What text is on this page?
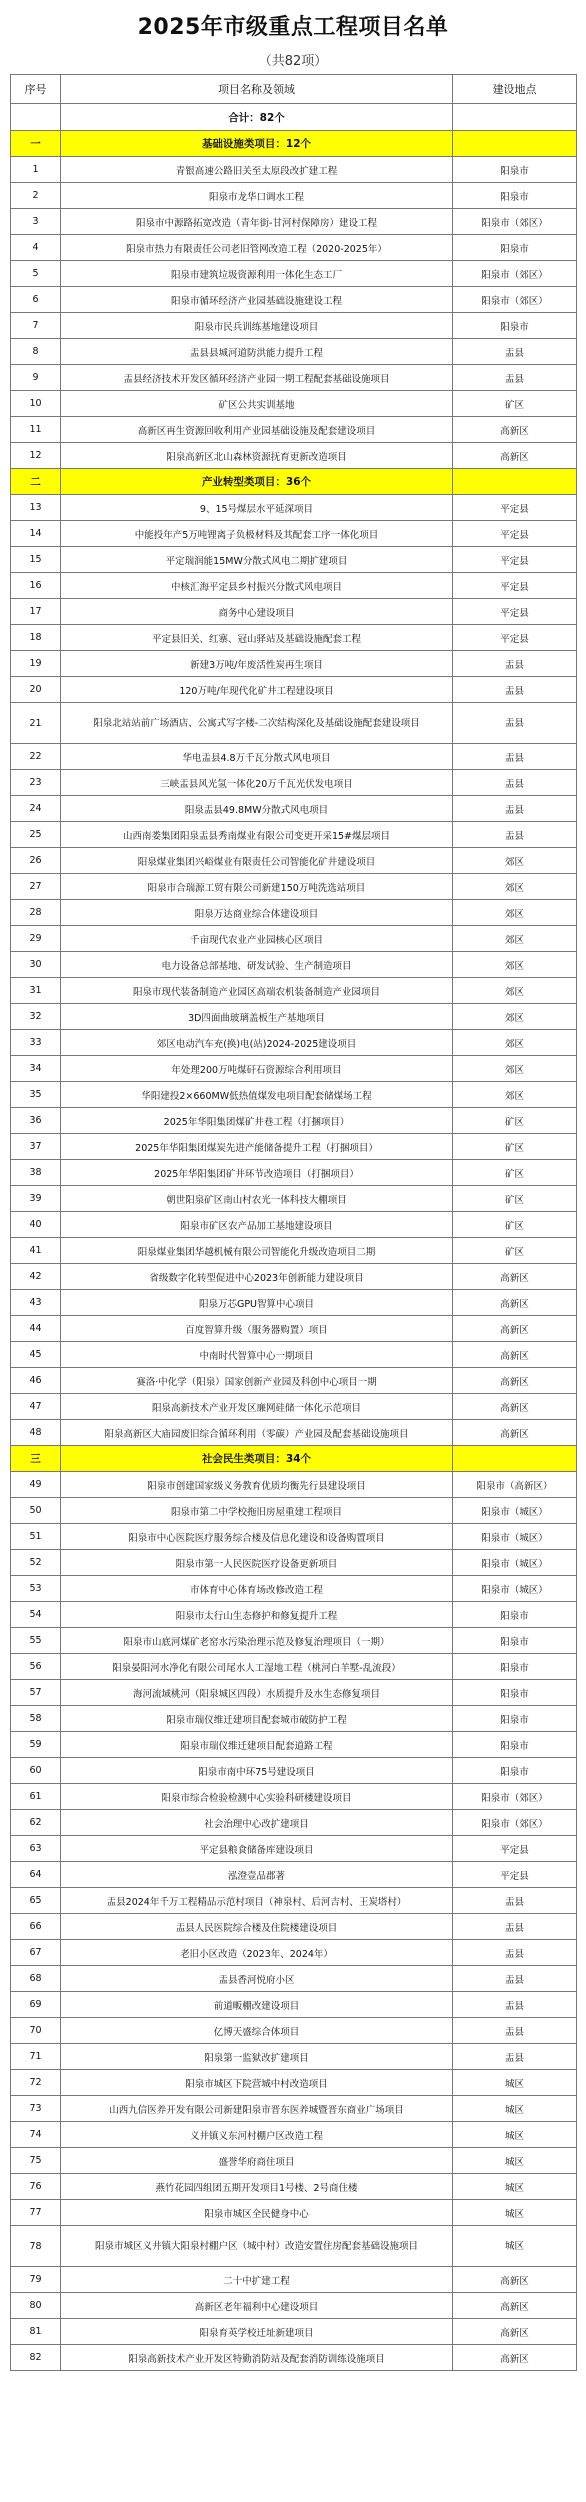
2025年市级重点工程项目名单
（共82项）
序号	项目名称及领域	建设地点
	合计：82个	
一	基础设施类项目：12个	
1	青银高速公路旧关至太原段改扩建工程	阳泉市
2	阳泉市龙华口调水工程	阳泉市
3	阳泉市中源路拓宽改造（青年街-甘河村保障房）建设工程	阳泉市（郊区）
4	阳泉市热力有限责任公司老旧管网改造工程（2020-2025年）	阳泉市
5	阳泉市建筑垃圾资源利用一体化生态工厂	阳泉市（郊区）
6	阳泉市循环经济产业园基础设施建设工程	阳泉市（郊区）
7	阳泉市民兵训练基地建设项目	阳泉市
8	盂县县城河道防洪能力提升工程	盂县
9	盂县经济技术开发区循环经济产业园一期工程配套基础设施项目	盂县
10	矿区公共实训基地	矿区
11	高新区再生资源回收利用产业园基础设施及配套建设项目	高新区
12	阳泉高新区北山森林资源抚育更新改造项目	高新区
二	产业转型类项目：36个	
13	9、15号煤层水平延深项目	平定县
14	中能投年产5万吨锂离子负极材料及其配套工序一体化项目	平定县
15	平定瑞润能15MW分散式风电二期扩建项目	平定县
16	中核汇海平定县乡村振兴分散式风电项目	平定县
17	商务中心建设项目	平定县
18	平定县旧关、红寨、冠山驿站及基础设施配套工程	平定县
19	新建3万吨/年废活性炭再生项目	盂县
20	120万吨/年现代化矿井工程建设项目	盂县
21	阳泉北站站前广场酒店、公寓式写字楼-二次结构深化及基础设施配套建设项目	盂县
22	华电盂县4.8万千瓦分散式风电项目	盂县
23	三峡盂县风光氢一体化20万千瓦光伏发电项目	盂县
24	阳泉盂县49.8MW分散式风电项目	盂县
25	山西南娄集团阳泉盂县秀南煤业有限公司变更开采15#煤层项目	盂县
26	阳泉煤业集团兴峪煤业有限责任公司智能化矿井建设项目	郊区
27	阳泉市合瑞源工贸有限公司新建150万吨洗选站项目	郊区
28	阳泉万达商业综合体建设项目	郊区
29	千亩现代农业产业园核心区项目	郊区
30	电力设备总部基地、研发试验、生产制造项目	郊区
31	阳泉市现代装备制造产业园区高端农机装备制造产业园项目	郊区
32	3D四面曲玻璃盖板生产基地项目	郊区
33	郊区电动汽车充(换)电(站)2024-2025建设项目	郊区
34	年处理200万吨煤矸石资源综合利用项目	郊区
35	华阳建投2×660MW低热值煤发电项目配套储煤场工程	郊区
36	2025年华阳集团煤矿井巷工程（打捆项目）	矿区
37	2025年华阳集团煤炭先进产能储备提升工程（打捆项目）	矿区
38	2025年华阳集团矿井环节改造项目（打捆项目）	矿区
39	朝世阳泉矿区南山村农光一体科技大棚项目	矿区
40	阳泉市矿区农产品加工基地建设项目	矿区
41	阳泉煤业集团华越机械有限公司智能化升级改造项目二期	矿区
42	省级数字化转型促进中心2023年创新能力建设项目	高新区
43	阳泉万芯GPU智算中心项目	高新区
44	百度智算升级（服务器购置）项目	高新区
45	中南时代智算中心一期项目	高新区
46	赛洛·中化学（阳泉）国家创新产业园及科创中心项目一期	高新区
47	阳泉高新技术产业开发区廉网硅储一体化示范项目	高新区
48	阳泉高新区大庙园废旧综合循环利用（零碳）产业园及配套基础设施项目	高新区
三	社会民生类项目：34个	
49	阳泉市创建国家级义务教育优质均衡先行县建设项目	阳泉市（高新区）
50	阳泉市第二中学校拖旧房屋重建工程项目	阳泉市（城区）
51	阳泉市中心医院医疗服务综合楼及信息化建设和设备购置项目	阳泉市（城区）
52	阳泉市第一人民医院医疗设备更新项目	阳泉市（城区）
53	市体育中心体育场改修改造工程	阳泉市（城区）
54	阳泉市太行山生态修护和修复提升工程	阳泉市
55	阳泉市山底河煤矿老窑水污染治理示范及修复治理项目（一期）	阳泉市
56	阳泉晏阳河水净化有限公司尾水人工湿地工程（桃河白羊墅-乱流段）	阳泉市
57	海河流域桃河（阳泉城区四段）水质提升及水生态修复项目	阳泉市
58	阳泉市瑞仪维迁建项目配套城市破防护工程	阳泉市
59	阳泉市瑞仪维迁建项目配套道路工程	阳泉市
60	阳泉市南中环75号建设项目	阳泉市
61	阳泉市综合检验检测中心实验科研楼建设项目	阳泉市（郊区）
62	社会治理中心改扩建项目	阳泉市（郊区）
63	平定县粮食储备库建设项目	平定县
64	泓澄壹品郡著	平定县
65	盂县2024年千万工程精品示范村项目（神泉村、后河吉村、王炭塔村）	盂县
66	盂县人民医院综合楼及住院楼建设项目	盂县
67	老旧小区改造（2023年、2024年）	盂县
68	盂县香河悦府小区	盂县
69	前道畈棚改建设项目	盂县
70	亿博天盛综合体项目	盂县
71	阳泉第一监狱改扩建项目	盂县
72	阳泉市城区下院营城中村改造项目	城区
73	山西九信医养开发有限公司新建阳泉市晋东医养城暨晋东商业广场项目	城区
74	义井镇义东河村棚户区改造工程	城区
75	盛誉华府商住项目	城区
76	燕竹花园四组团五期开发项目1号楼、2号商住楼	城区
77	阳泉市城区全民健身中心	城区
78	阳泉市城区义井镇大阳泉村棚户区（城中村）改造安置住房配套基础设施项目	城区
79	二十中扩建工程	高新区
80	高新区老年福利中心建设项目	高新区
81	阳泉育英学校迁址新建项目	高新区
82	阳泉高新技术产业开发区特勤消防站及配套消防训练设施项目	高新区
